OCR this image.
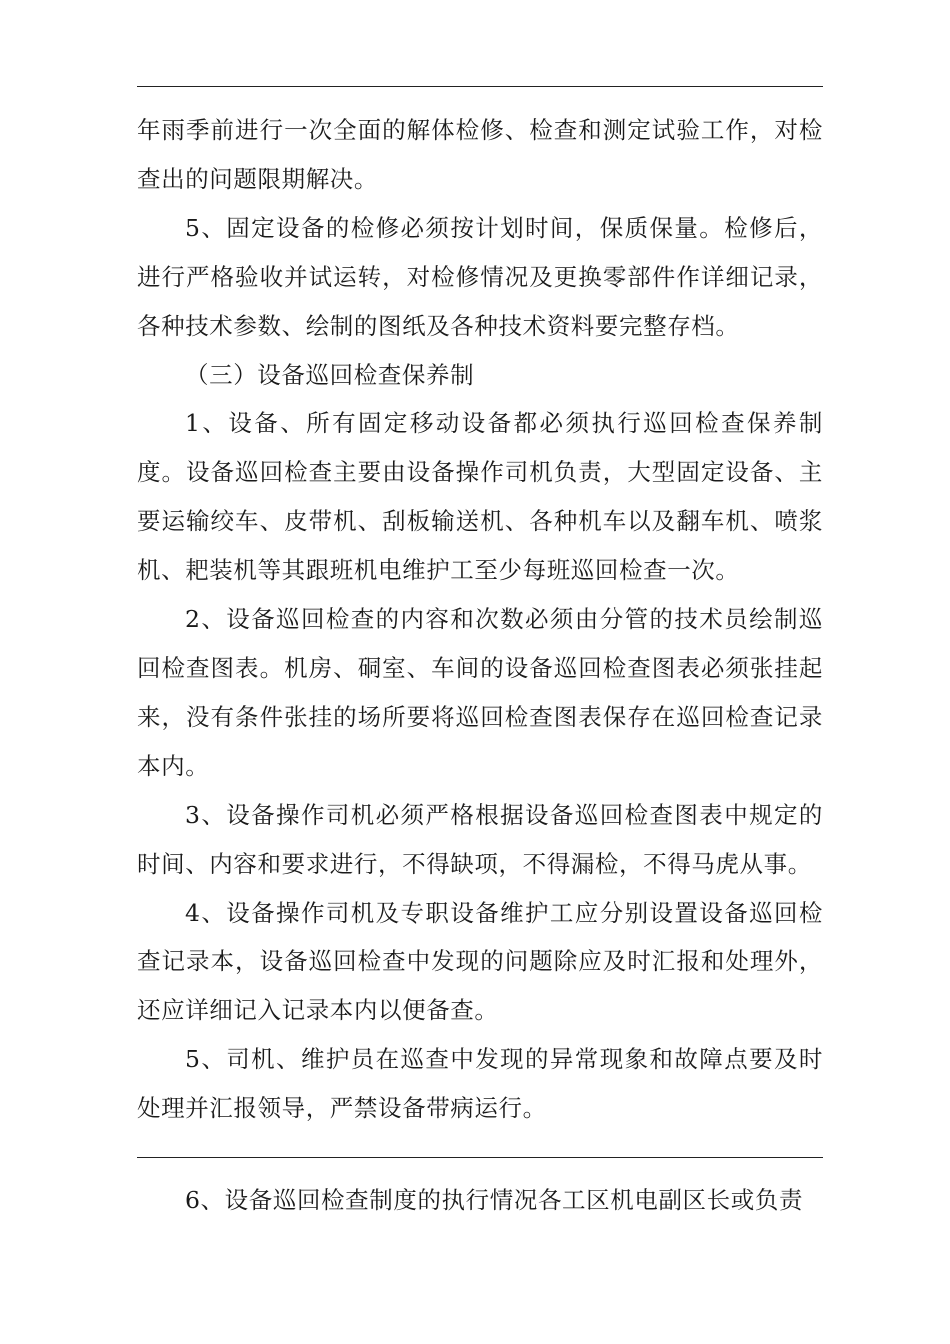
年雨季前进行一次全面的解体检修、检查和测定试验工作，对检查出的问题限期解决。

5、固定设备的检修必须按计划时间，保质保量。检修后，进行严格验收并试运转，对检修情况及更换零部件作详细记录，各种技术参数、绘制的图纸及各种技术资料要完整存档。

（三）设备巡回检查保养制

1、设备、所有固定移动设备都必须执行巡回检查保养制度。设备巡回检查主要由设备操作司机负责，大型固定设备、主要运输绞车、皮带机、刮板输送机、各种机车以及翻车机、喷浆机、耙装机等其跟班机电维护工至少每班巡回检查一次。

2、设备巡回检查的内容和次数必须由分管的技术员绘制巡回检查图表。机房、硐室、车间的设备巡回检查图表必须张挂起来，没有条件张挂的场所要将巡回检查图表保存在巡回检查记录本内。

3、设备操作司机必须严格根据设备巡回检查图表中规定的时间、内容和要求进行，不得缺项，不得漏检，不得马虎从事。

4、设备操作司机及专职设备维护工应分别设置设备巡回检查记录本，设备巡回检查中发现的问题除应及时汇报和处理外，还应详细记入记录本内以便备查。

5、司机、维护员在巡查中发现的异常现象和故障点要及时处理并汇报领导，严禁设备带病运行。

6、设备巡回检查制度的执行情况各工区机电副区长或负责
